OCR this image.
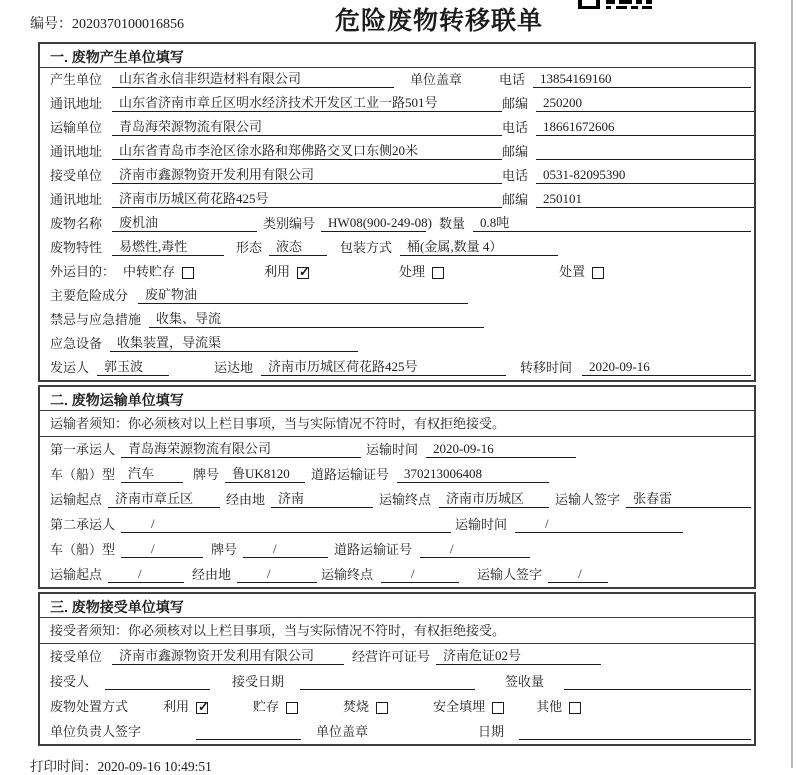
编号：2020370100016856	危险废物转移联单
一. 废物产生单位填写
产生单位	山东省永信非织造材料有限公司	单位盖章	电话	13854169160
通讯地址	山东省济南市章丘区明水经济技术开发区工业一路501号	邮编	250200
运输单位	青岛海荣源物流有限公司	电话	18661672606
通讯地址	山东省青岛市李沧区徐水路和郑佛路交叉口东侧20米	邮编
接受单位	济南市鑫源物资开发利用有限公司	电话	0531-82095390
通讯地址	济南市历城区荷花路425号	邮编	250101
废物名称	废机油	类别编号	HW08(900-249-08) 数量	0.8吨
废物特性	易燃性,毒性	形态	液态	包装方式	桶(金属,数量 4）
外运目的： 中转贮存	利用 ✓	处理	处置
主要危险成分	废矿物油
禁忌与应急措施	收集、导流
应急设备	收集装置，导流渠
发运人	郭玉波	运达地	济南市历城区荷花路425号	转移时间	2020-09-16
二. 废物运输单位填写
运输者须知：你必须核对以上栏目事项，当与实际情况不符时，有权拒绝接受。
第一承运人	青岛海荣源物流有限公司	运输时间	2020-09-16
车（船）型	汽车	牌号	鲁UK8120	道路运输证号	370213006408
运输起点	济南市章丘区	经由地	济南	运输终点	济南市历城区	运输人签字	张春雷
第二承运人	/	运输时间	/
车（船）型	/	牌号	/	道路运输证号	/
运输起点	/	经由地	/	运输终点	/	运输人签字	/
三. 废物接受单位填写
接受者须知：你必须核对以上栏目事项，当与实际情况不符时，有权拒绝接受。
接受单位	济南市鑫源物资开发利用有限公司	经营许可证号	济南危证02号
接受人	接受日期	签收量
废物处置方式	利用 ✓	贮存	焚烧	安全填埋	其他
单位负责人签字	单位盖章	日期
打印时间：2020-09-16 10:49:51
